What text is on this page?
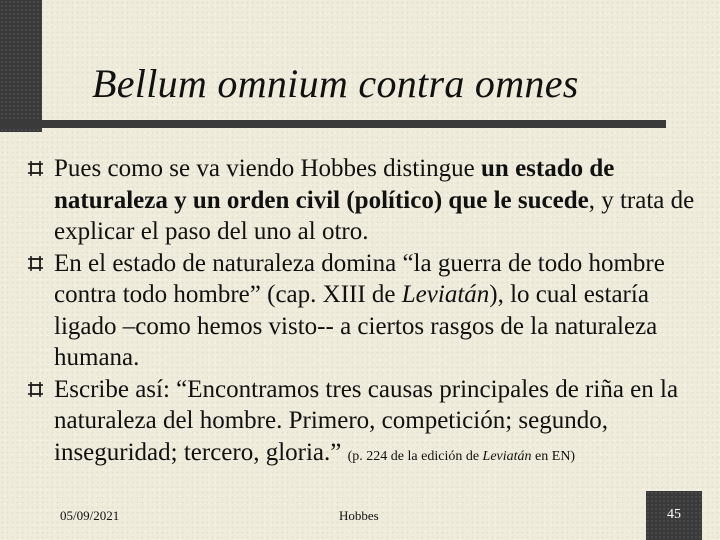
Bellum omnium contra omnes
Pues como se va viendo Hobbes distingue un estado de naturaleza y un orden civil (político) que le sucede, y trata de explicar el paso del uno al otro.
En el estado de naturaleza domina “la guerra de todo hombre contra todo hombre” (cap. XIII de Leviatán), lo cual estaría ligado –como hemos visto-- a ciertos rasgos de la naturaleza humana.
Escribe así: “Encontramos tres causas principales de riña en la naturaleza del hombre. Primero, competición; segundo, inseguridad; tercero, gloria.” (p. 224 de la edición de Leviatán en EN)
05/09/2021	Hobbes	45
